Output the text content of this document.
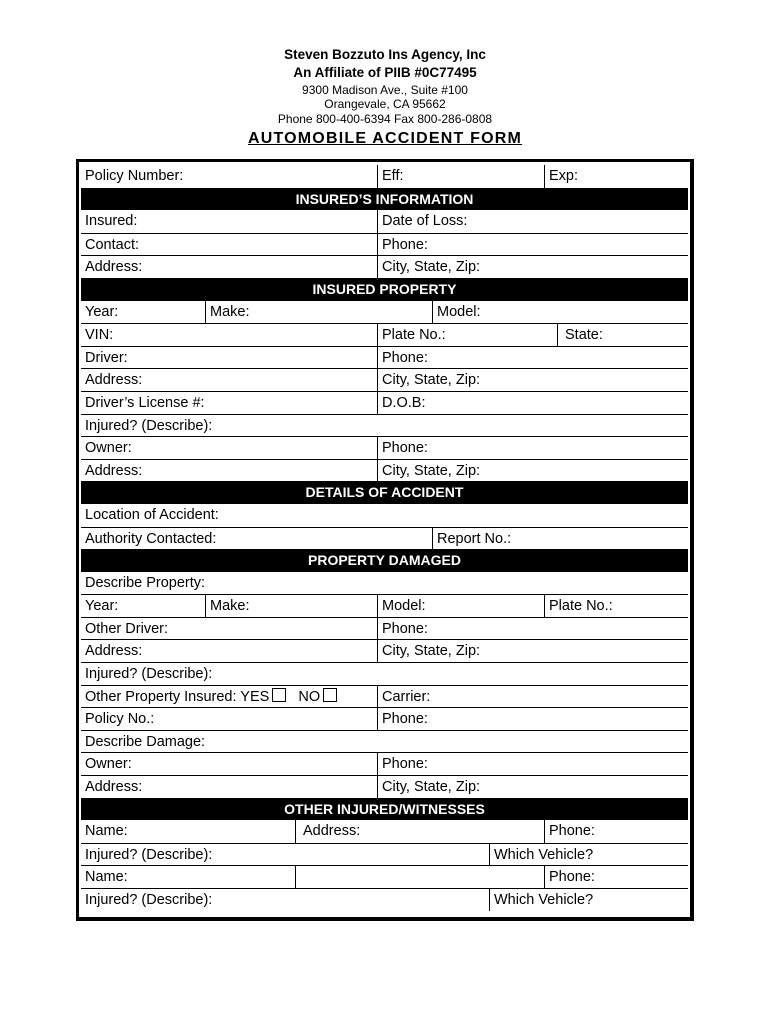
Steven Bozzuto Ins Agency, Inc
An Affiliate of PIIB #0C77495
9300 Madison Ave., Suite #100
Orangevale, CA 95662
Phone 800-400-6394 Fax 800-286-0808
AUTOMOBILE ACCIDENT FORM
Policy Number:	Eff:	Exp:
INSURED’S INFORMATION
Insured:	Date of Loss:
Contact:	Phone:
Address:	City, State, Zip:
INSURED PROPERTY
Year:	Make:	Model:
VIN:	Plate No.:	State:
Driver:	Phone:
Address:	City, State, Zip:
Driver’s License #:	D.O.B:
Injured? (Describe):
Owner:	Phone:
Address:	City, State, Zip:
DETAILS OF ACCIDENT
Location of Accident:
Authority Contacted:	Report No.:
PROPERTY DAMAGED
Describe Property:
Year:	Make:	Model:	Plate No.:
Other Driver:	Phone:
Address:	City, State, Zip:
Injured? (Describe):
Other Property Insured: YES NO	Carrier:
Policy No.:	Phone:
Describe Damage:
Owner:	Phone:
Address:	City, State, Zip:
OTHER INJURED/WITNESSES
Name:	Address:	Phone:
Injured? (Describe):	Which Vehicle?
Name:	Phone:
Injured? (Describe):	Which Vehicle?
